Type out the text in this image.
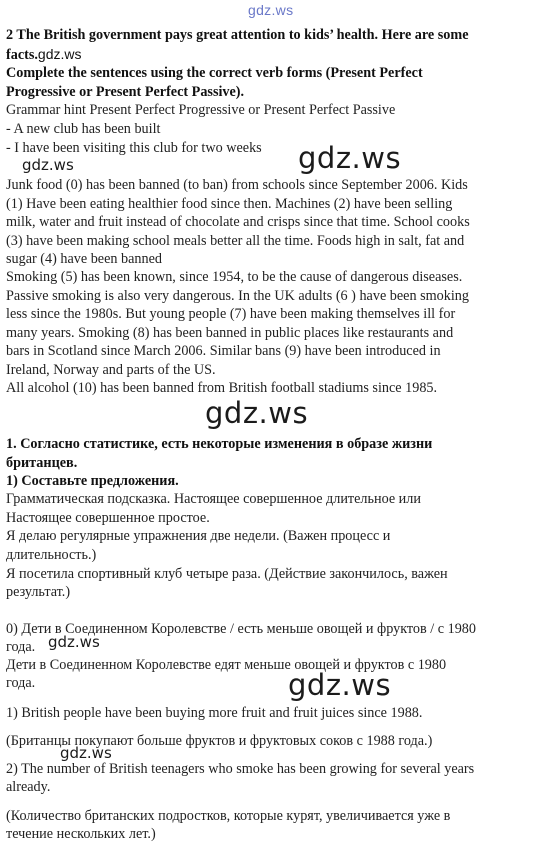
gdz.ws
2 The British government pays great attention to kids’ health. Here are some
facts.gdz.ws
Complete the sentences using the correct verb forms (Present Perfect
Progressive or Present Perfect Passive).
Grammar hint Present Perfect Progressive or Present Perfect Passive
- A new club has been built
- I have been visiting this club for two weeks
gdz.ws	gdz.ws
Junk food (0) has been banned (to ban) from schools since September 2006. Kids
(1) Have been eating healthier food since then. Machines (2) have been selling
milk, water and fruit instead of chocolate and crisps since that time. School cooks
(3) have been making school meals better all the time. Foods high in salt, fat and
sugar (4) have been banned
Smoking (5) has been known, since 1954, to be the cause of dangerous diseases.
Passive smoking is also very dangerous. In the UK adults (6 ) have been smoking
less since the 1980s. But young people (7) have been making themselves ill for
many years. Smoking (8) has been banned in public places like restaurants and
bars in Scotland since March 2006. Similar bans (9) have been introduced in
Ireland, Norway and parts of the US.
All alcohol (10) has been banned from British football stadiums since 1985.
gdz.ws
1. Согласно статистике, есть некоторые изменения в образе жизни
британцев.
1) Составьте предложения.
Грамматическая подсказка. Настоящее совершенное длительное или
Настоящее совершенное простое.
Я делаю регулярные упражнения две недели. (Важен процесс и
длительность.)
Я посетила спортивный клуб четыре раза. (Действие закончилось, важен
результат.)
0) Дети в Соединенном Королевстве / есть меньше овощей и фруктов / с 1980
года. gdz.ws
Дети в Соединенном Королевстве едят меньше овощей и фруктов с 1980
года.	gdz.ws
1) British people have been buying more fruit and fruit juices since 1988.
(Британцы покупают больше фруктов и фруктовых соков с 1988 года.)
gdz.ws
2) The number of British teenagers who smoke has been growing for several years
already.
(Количество британских подростков, которые курят, увеличивается уже в
течение нескольких лет.)
